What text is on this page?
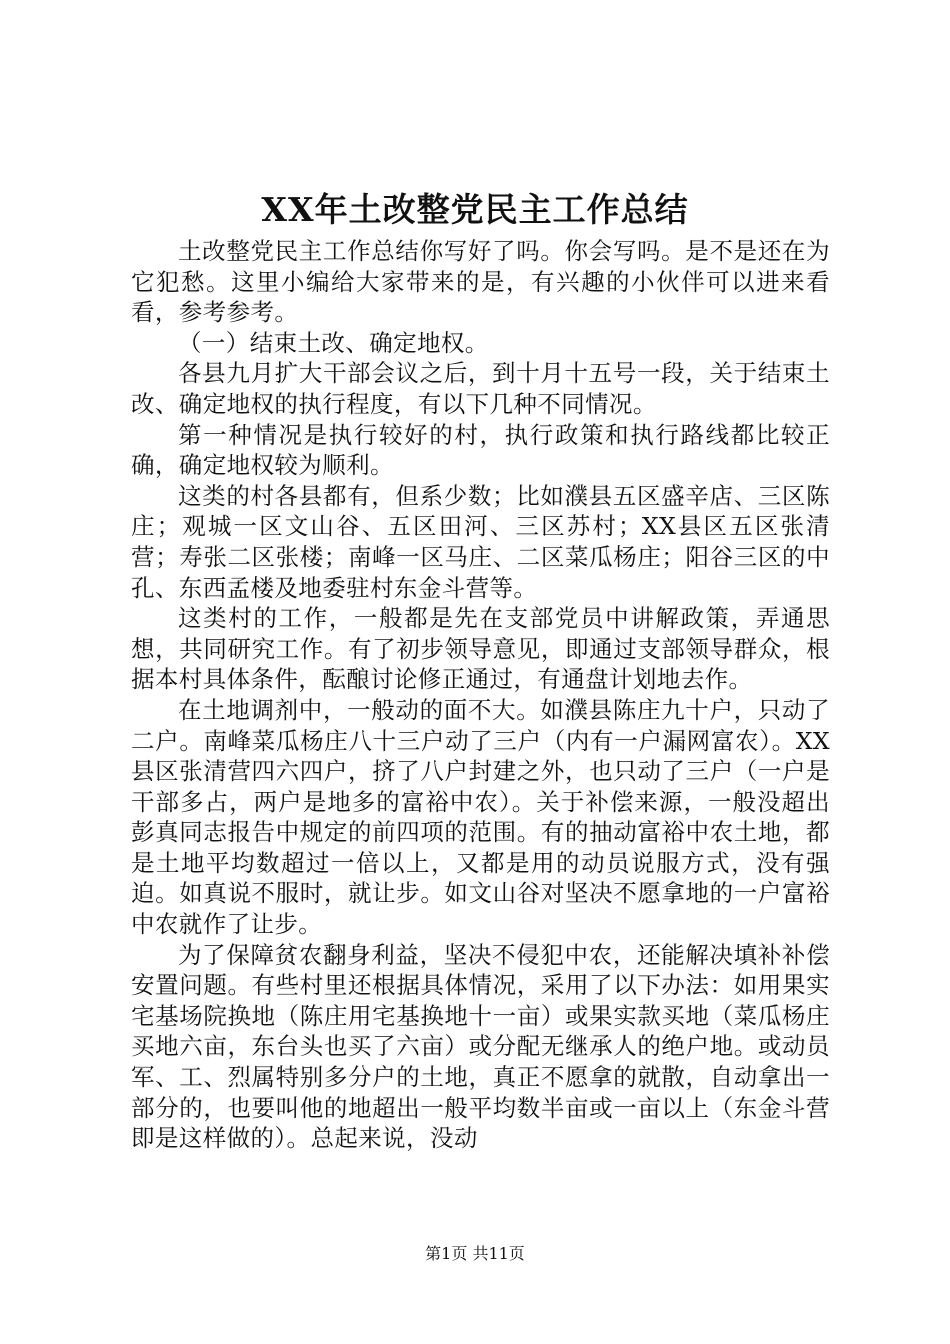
XX年土改整党民主工作总结

土改整党民主工作总结你写好了吗。你会写吗。是不是还在为它犯愁。这里小编给大家带来的是，有兴趣的小伙伴可以进来看看，参考参考。

（一）结束土改、确定地权。

各县九月扩大干部会议之后，到十月十五号一段，关于结束土改、确定地权的执行程度，有以下几种不同情况。

第一种情况是执行较好的村，执行政策和执行路线都比较正确，确定地权较为顺利。

这类的村各县都有，但系少数；比如濮县五区盛辛店、三区陈庄；观城一区文山谷、五区田河、三区苏村；XX县区五区张清营；寿张二区张楼；南峰一区马庄、二区菜瓜杨庄；阳谷三区的中孔、东西孟楼及地委驻村东金斗营等。

这类村的工作，一般都是先在支部党员中讲解政策，弄通思想，共同研究工作。有了初步领导意见，即通过支部领导群众，根据本村具体条件，酝酿讨论修正通过，有通盘计划地去作。

在土地调剂中，一般动的面不大。如濮县陈庄九十户，只动了二户。南峰菜瓜杨庄八十三户动了三户（内有一户漏网富农）。XX县区张清营四六四户，挤了八户封建之外，也只动了三户（一户是干部多占，两户是地多的富裕中农）。关于补偿来源，一般没超出彭真同志报告中规定的前四项的范围。有的抽动富裕中农土地，都是土地平均数超过一倍以上，又都是用的动员说服方式，没有强迫。如真说不服时，就让步。如文山谷对坚决不愿拿地的一户富裕中农就作了让步。

为了保障贫农翻身利益，坚决不侵犯中农，还能解决填补补偿安置问题。有些村里还根据具体情况，采用了以下办法：如用果实宅基场院换地（陈庄用宅基换地十一亩）或果实款买地（菜瓜杨庄买地六亩，东台头也买了六亩）或分配无继承人的绝户地。或动员军、工、烈属特别多分户的土地，真正不愿拿的就散，自动拿出一部分的，也要叫他的地超出一般平均数半亩或一亩以上（东金斗营即是这样做的）。总起来说，没动

第1页 共11页
